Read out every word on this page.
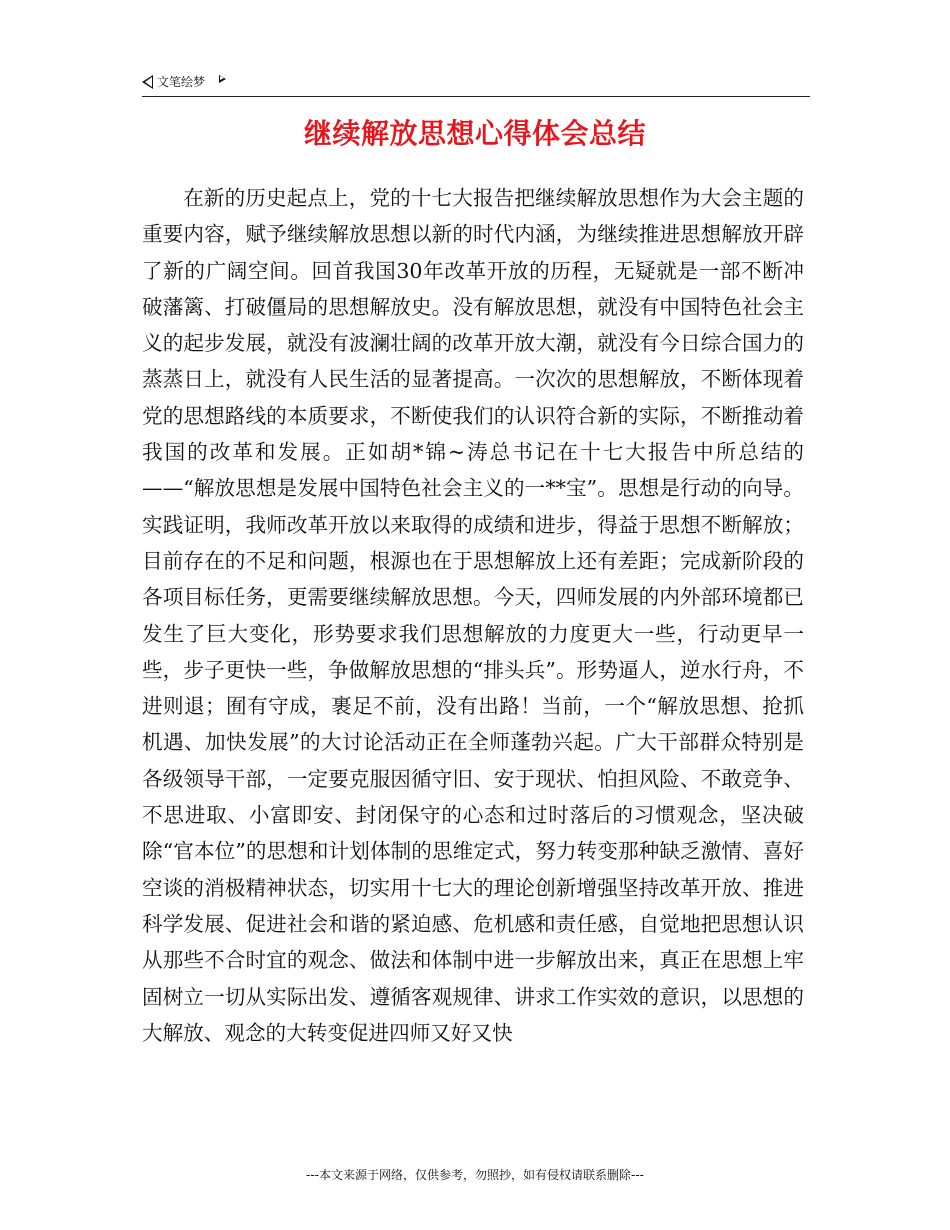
文笔绘梦
继续解放思想心得体会总结

在新的历史起点上，党的十七大报告把继续解放思想作为大会主题的重要内容，赋予继续解放思想以新的时代内涵，为继续推进思想解放开辟了新的广阔空间。回首我国30年改革开放的历程，无疑就是一部不断冲破藩篱、打破僵局的思想解放史。没有解放思想，就没有中国特色社会主义的起步发展，就没有波澜壮阔的改革开放大潮，就没有今日综合国力的蒸蒸日上，就没有人民生活的显著提高。一次次的思想解放，不断体现着党的思想路线的本质要求，不断使我们的认识符合新的实际，不断推动着我国的改革和发展。正如胡*锦~涛总书记在十七大报告中所总结的——“解放思想是发展中国特色社会主义的一**宝”。思想是行动的向导。实践证明，我师改革开放以来取得的成绩和进步，得益于思想不断解放；目前存在的不足和问题，根源也在于思想解放上还有差距；完成新阶段的各项目标任务，更需要继续解放思想。今天，四师发展的内外部环境都已发生了巨大变化，形势要求我们思想解放的力度更大一些，行动更早一些，步子更快一些，争做解放思想的“排头兵”。形势逼人，逆水行舟，不进则退；囿有守成，裹足不前，没有出路！当前，一个“解放思想、抢抓机遇、加快发展”的大讨论活动正在全师蓬勃兴起。广大干部群众特别是各级领导干部，一定要克服因循守旧、安于现状、怕担风险、不敢竞争、不思进取、小富即安、封闭保守的心态和过时落后的习惯观念，坚决破除“官本位”的思想和计划体制的思维定式，努力转变那种缺乏激情、喜好空谈的消极精神状态，切实用十七大的理论创新增强坚持改革开放、推进科学发展、促进社会和谐的紧迫感、危机感和责任感，自觉地把思想认识从那些不合时宜的观念、做法和体制中进一步解放出来，真正在思想上牢固树立一切从实际出发、遵循客观规律、讲求工作实效的意识，以思想的大解放、观念的大转变促进四师又好又快

---本文来源于网络，仅供参考，勿照抄，如有侵权请联系删除---
